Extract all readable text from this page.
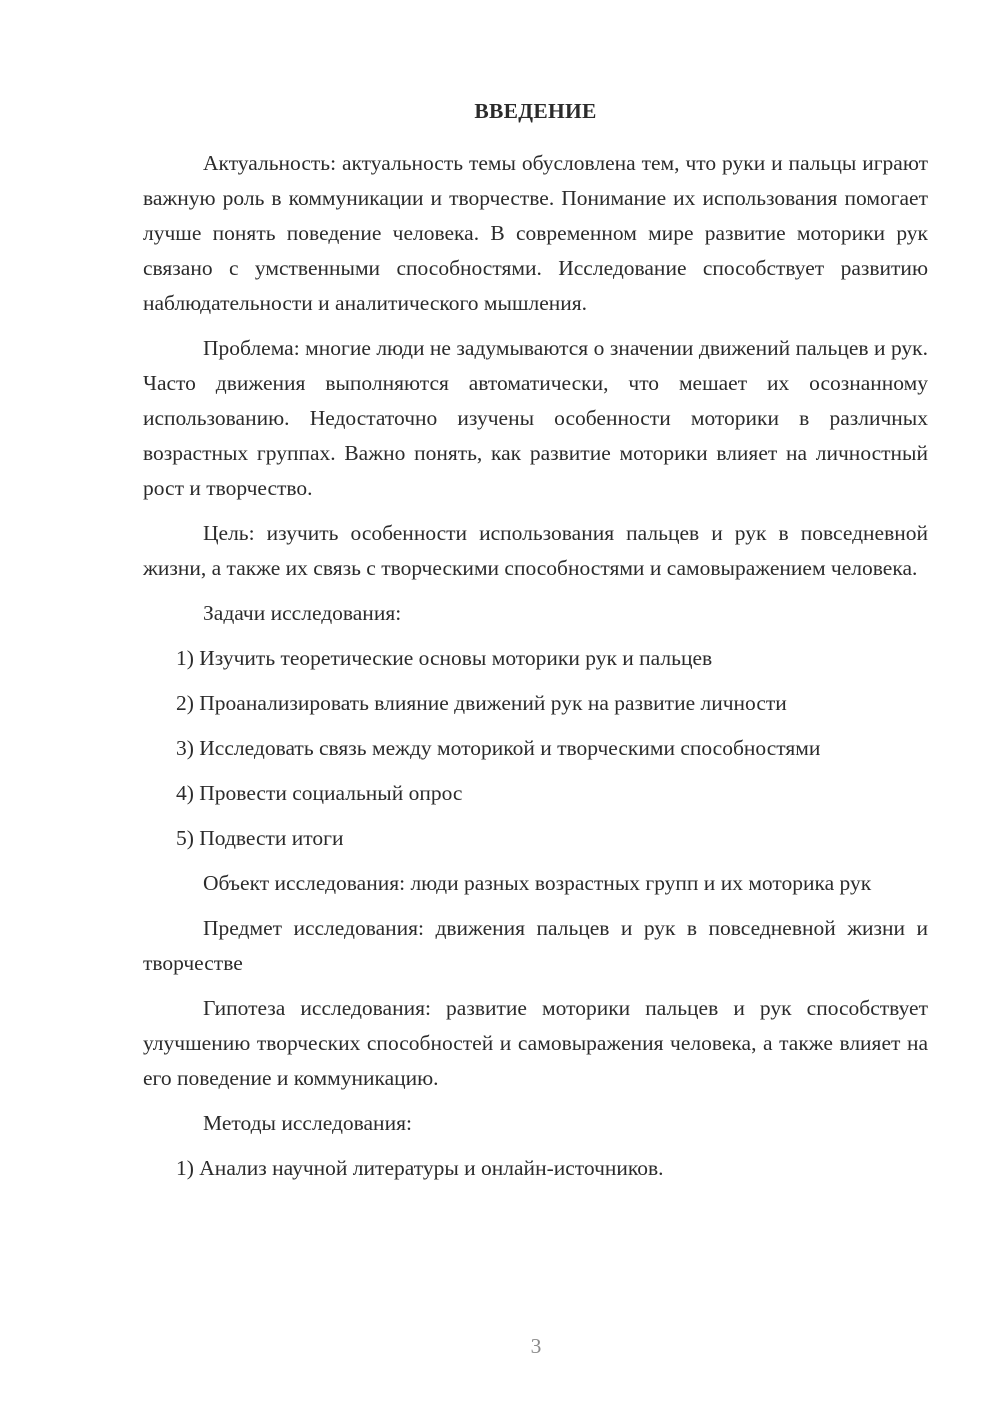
ВВЕДЕНИЕ

Актуальность: актуальность темы обусловлена тем, что руки и пальцы играют важную роль в коммуникации и творчестве. Понимание их использования помогает лучше понять поведение человека. В современном мире развитие моторики рук связано с умственными способностями. Исследование способствует развитию наблюдательности и аналитического мышления.

Проблема: многие люди не задумываются о значении движений пальцев и рук. Часто движения выполняются автоматически, что мешает их осознанному использованию. Недостаточно изучены особенности моторики в различных возрастных группах. Важно понять, как развитие моторики влияет на личностный рост и творчество.

Цель: изучить особенности использования пальцев и рук в повседневной жизни, а также их связь с творческими способностями и самовыражением человека.

Задачи исследования:

1) Изучить теоретические основы моторики рук и пальцев

2) Проанализировать влияние движений рук на развитие личности

3) Исследовать связь между моторикой и творческими способностями

4) Провести социальный опрос

5) Подвести итоги

Объект исследования: люди разных возрастных групп и их моторика рук

Предмет исследования: движения пальцев и рук в повседневной жизни и творчестве

Гипотеза исследования: развитие моторики пальцев и рук способствует улучшению творческих способностей и самовыражения человека, а также влияет на его поведение и коммуникацию.

Методы исследования:

1) Анализ научной литературы и онлайн-источников.

3
